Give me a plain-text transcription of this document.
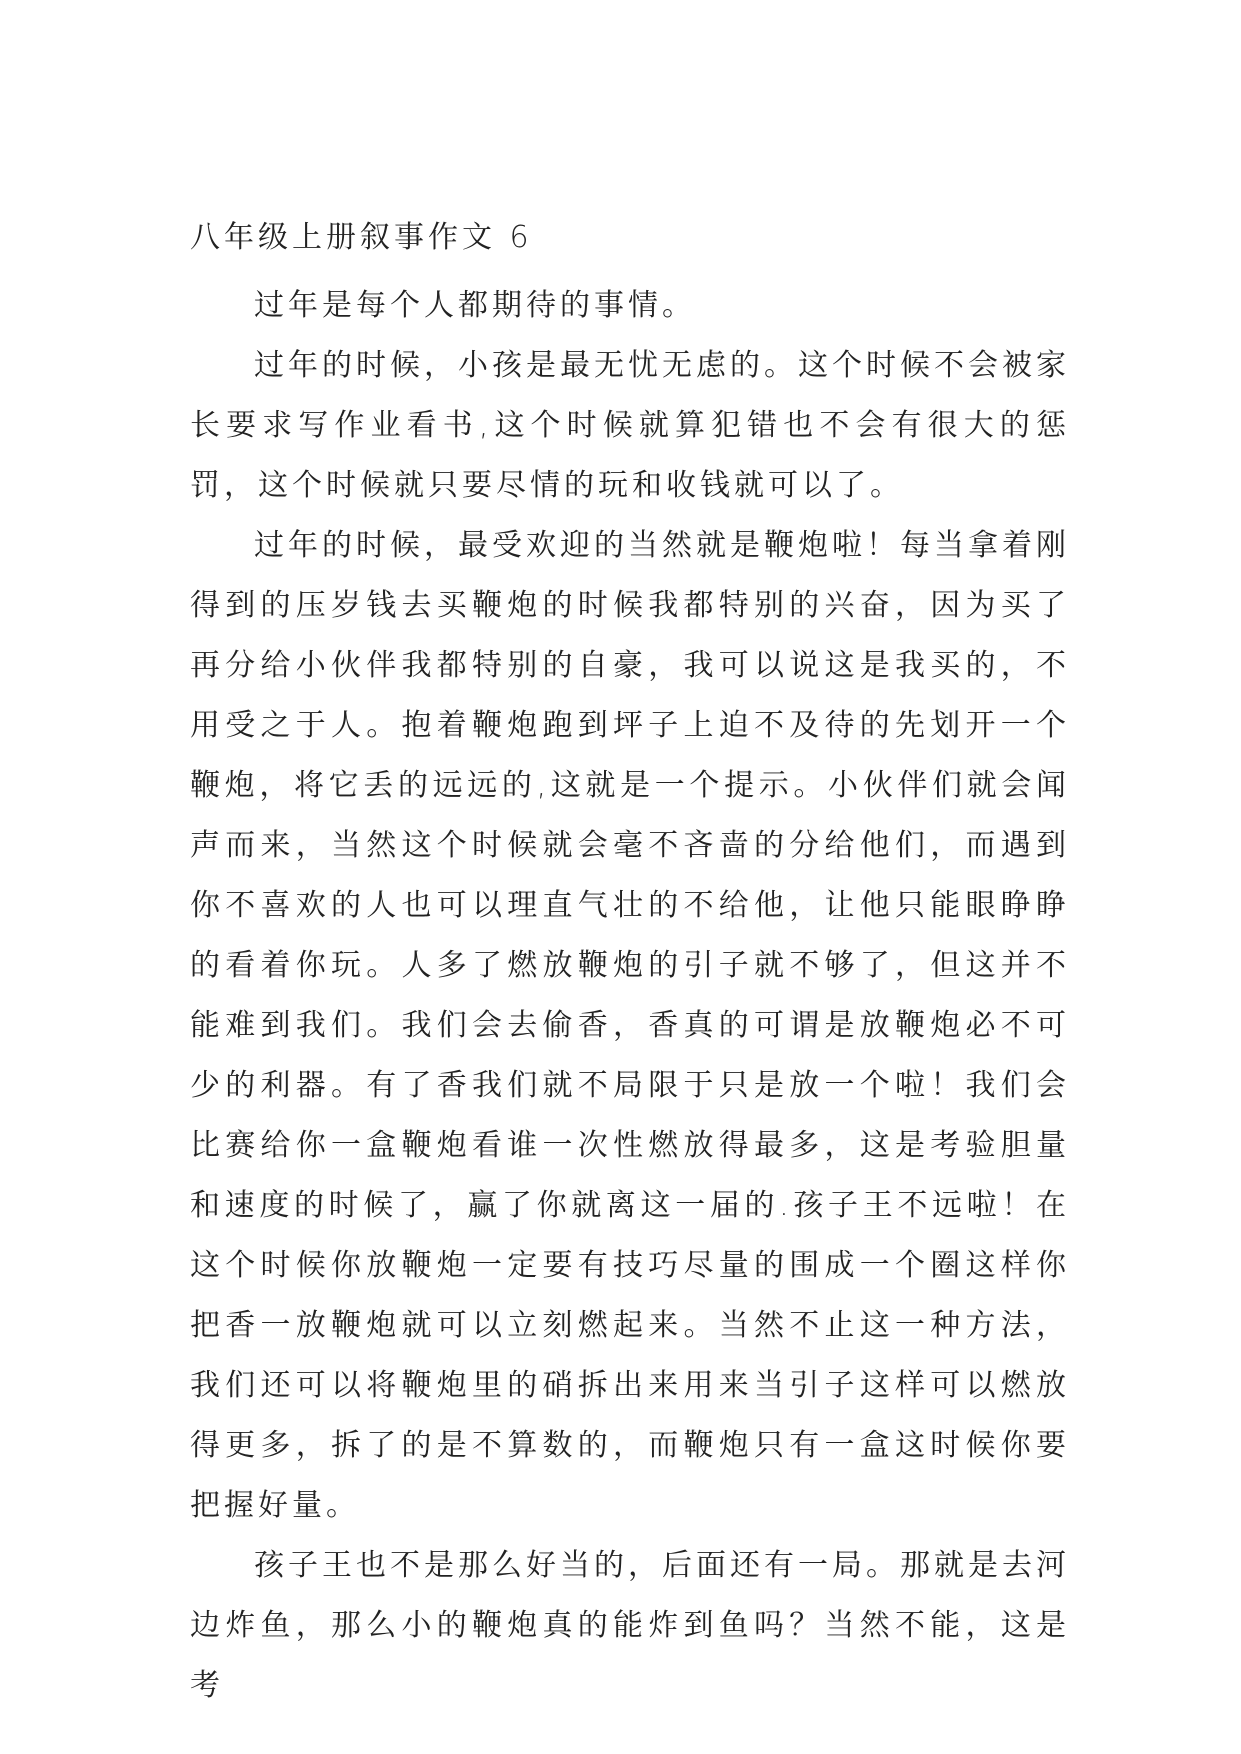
八年级上册叙事作文 6

过年是每个人都期待的事情。

过年的时候，小孩是最无忧无虑的。这个时候不会被家长要求写作业看书,这个时候就算犯错也不会有很大的惩罚，这个时候就只要尽情的玩和收钱就可以了。

过年的时候，最受欢迎的当然就是鞭炮啦！每当拿着刚得到的压岁钱去买鞭炮的时候我都特别的兴奋，因为买了再分给小伙伴我都特别的自豪，我可以说这是我买的，不用受之于人。抱着鞭炮跑到坪子上迫不及待的先划开一个鞭炮，将它丢的远远的,这就是一个提示。小伙伴们就会闻声而来，当然这个时候就会毫不吝啬的分给他们，而遇到你不喜欢的人也可以理直气壮的不给他，让他只能眼睁睁的看着你玩。人多了燃放鞭炮的引子就不够了，但这并不能难到我们。我们会去偷香，香真的可谓是放鞭炮必不可少的利器。有了香我们就不局限于只是放一个啦！我们会比赛给你一盒鞭炮看谁一次性燃放得最多，这是考验胆量和速度的时候了，赢了你就离这一届的.孩子王不远啦！在这个时候你放鞭炮一定要有技巧尽量的围成一个圈这样你把香一放鞭炮就可以立刻燃起来。当然不止这一种方法，我们还可以将鞭炮里的硝拆出来用来当引子这样可以燃放得更多，拆了的是不算数的，而鞭炮只有一盒这时候你要把握好量。

孩子王也不是那么好当的，后面还有一局。那就是去河边炸鱼，那么小的鞭炮真的能炸到鱼吗？当然不能，这是考
